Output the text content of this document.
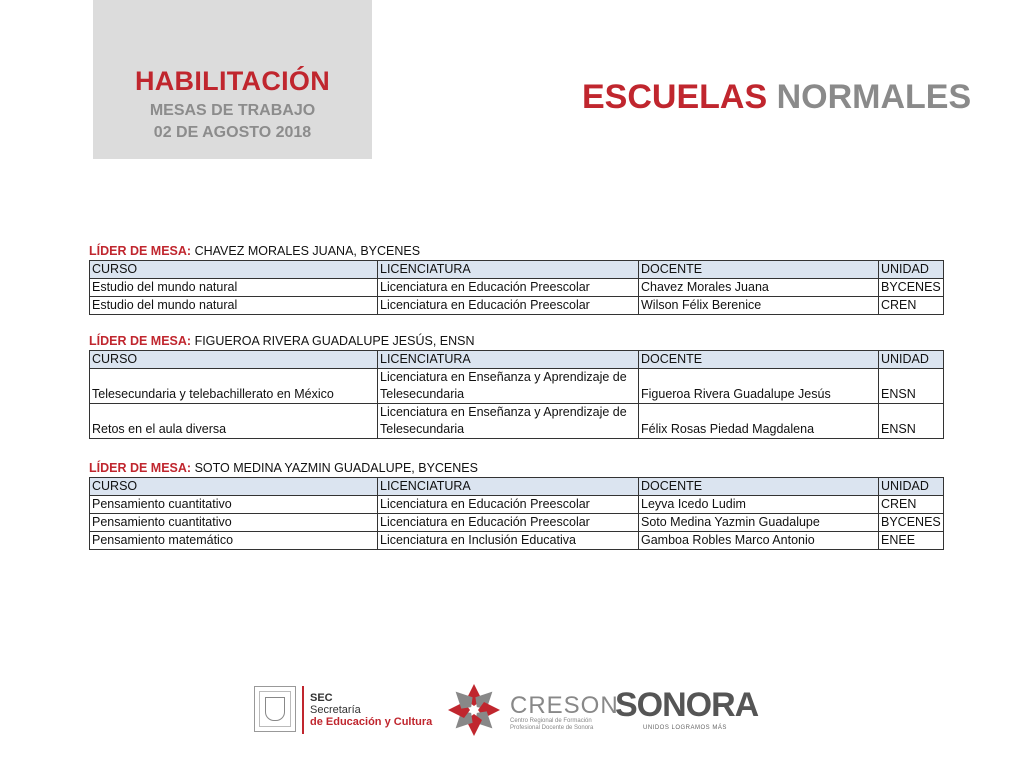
HABILITACIÓN
MESAS DE TRABAJO
02 DE AGOSTO 2018
ESCUELAS NORMALES
LÍDER DE MESA: CHAVEZ MORALES JUANA, BYCENES
CURSO	LICENCIATURA	DOCENTE	UNIDAD
Estudio del mundo natural	Licenciatura en Educación Preescolar	Chavez Morales Juana	BYCENES
Estudio del mundo natural	Licenciatura en Educación Preescolar	Wilson Félix Berenice	CREN
LÍDER DE MESA: FIGUEROA RIVERA GUADALUPE JESÚS, ENSN
CURSO	LICENCIATURA	DOCENTE	UNIDAD
Telesecundaria y telebachillerato en México	Licenciatura en Enseñanza y Aprendizaje de Telesecundaria	Figueroa Rivera Guadalupe Jesús	ENSN
Retos en el aula diversa	Licenciatura en Enseñanza y Aprendizaje de Telesecundaria	Félix Rosas Piedad Magdalena	ENSN
LÍDER DE MESA: SOTO MEDINA YAZMIN GUADALUPE, BYCENES
CURSO	LICENCIATURA	DOCENTE	UNIDAD
Pensamiento cuantitativo	Licenciatura en Educación Preescolar	Leyva Icedo Ludim	CREN
Pensamiento cuantitativo	Licenciatura en Educación Preescolar	Soto Medina Yazmin Guadalupe	BYCENES
Pensamiento matemático	Licenciatura en Inclusión Educativa	Gamboa Robles Marco Antonio	ENEE
SEC
Secretaría
de Educación y Cultura
CRESON
Centro Regional de Formación Profesional Docente de Sonora
SONORA
UNIDOS LOGRAMOS MÁS
